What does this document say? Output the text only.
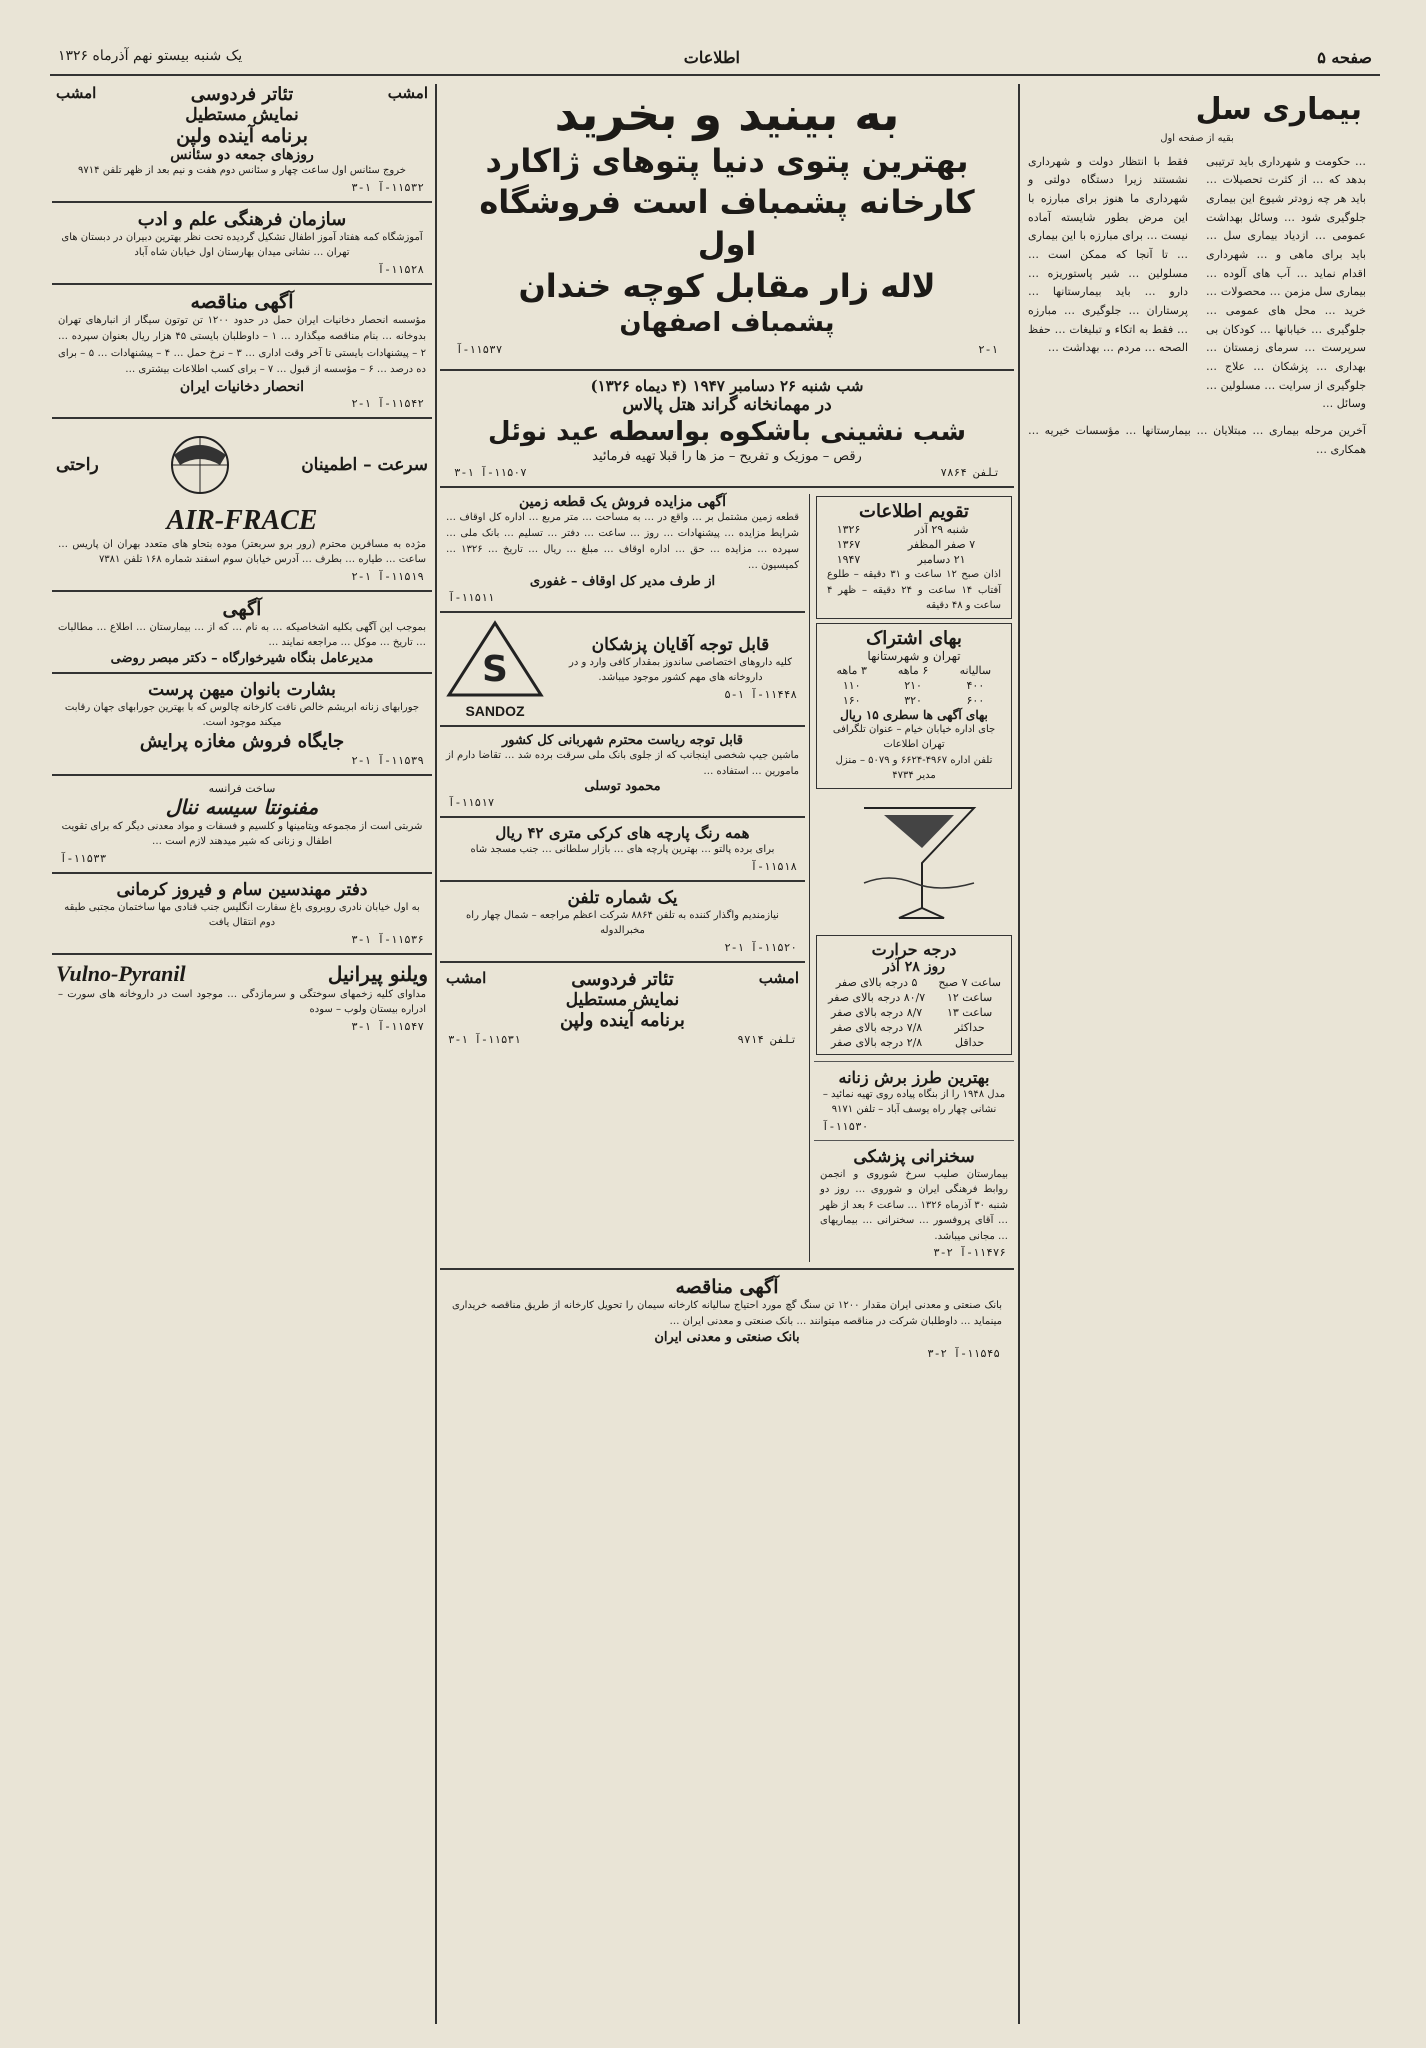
صفحه ۵
اطلاعات
یک شنبه بیستو نهم آذرماه ۱۳۲۶
بیماری سل
بقیه از صفحه اول
… حکومت و شهرداری باید ترتیبی بدهد که … از کثرت تحصیلات … باید هر چه زودتر شیوع این بیماری جلوگیری شود … وسائل بهداشت عمومی … ازدیاد بیماری سل … باید برای ماهی و … شهرداری اقدام نماید … آب های آلوده … بیماری سل مزمن … محصولات … خرید … محل های عمومی … جلوگیری … خیابانها … کودکان بی سرپرست … سرمای زمستان … بهداری … پزشکان … علاج … جلوگیری از سرایت … مسلولین … وسائل …
فقط با انتظار دولت و شهرداری نشستند زیرا دستگاه دولتی و شهرداری ما هنوز برای مبارزه با این مرض بطور شایسته آماده نیست … برای مبارزه با این بیماری … تا آنجا که ممکن است … مسلولین … شیر پاستوریزه … دارو … باید بیمارستانها … پرستاران … جلوگیری … مبارزه … فقط به اتکاء و تبلیغات … حفظ الصحه … مردم … بهداشت …
آخرین مرحله بیماری … مبتلایان … بیمارستانها … مؤسسات خیریه … همکاری …
به بینید و بخرید
بهترین پتوی دنیا پتوهای ژاکارد
کارخانه پشمباف است فروشگاه اول
لاله زار مقابل کوچه خندان
پشمباف اصفهان
۲-۱
۱۱۵۳۷-آ
شب شنبه ۲۶ دسامبر ۱۹۴۷ (۴ دیماه ۱۳۲۶)
در مهمانخانه گراند هتل پالاس
شب نشینی باشکوه بواسطه عید نوئل
رقص – موزیک و تفریح – مز ها را قبلا تهیه فرمائید
تلفن ۷۸۶۴
۱۱۵۰۷-آ ۱-۳
تقویم اطلاعات
شنبه ۲۹ آذر	۱۳۲۶
۷ صفر المظفر	۱۳۶۷
۲۱ دسامبر	۱۹۴۷
اذان صبح ۱۲ ساعت و ۳۱ دقیقه – طلوع آفتاب ۱۴ ساعت و ۲۴ دقیقه – ظهر ۴ ساعت و ۴۸ دقیقه
بهای اشتراک
تهران و شهرستانها
سالیانه	۶ ماهه	۳ ماهه
۴۰۰	۲۱۰	۱۱۰
۶۰۰	۳۲۰	۱۶۰
بهای آگهی ها سطری ۱۵ ریال
جای اداره خیابان خیام – عنوان تلگرافی تهران اطلاعات
تلفن اداره ۴۹۶۷-۶۶۲۴ و ۵۰۷۹ – منزل مدیر ۴۷۳۴
درجه حرارت
روز ۲۸ آذر
ساعت ۷ صبح	۵ درجه بالای صفر
ساعت ۱۲	۸۰/۷ درجه بالای صفر
ساعت ۱۳	۸/۷ درجه بالای صفر
حداکثر	۷/۸ درجه بالای صفر
حداقل	۲/۸ درجه بالای صفر
بهترین طرز برش زنانه
مدل ۱۹۴۸ را از بنگاه پیاده روی تهیه نمائید – نشانی چهار راه یوسف آباد – تلفن ۹۱۷۱
۱۱۵۳۰-آ
سخنرانی پزشکی
بیمارستان صلیب سرخ شوروی و انجمن روابط فرهنگی ایران و شوروی … روز دو شنبه ۳۰ آذرماه ۱۳۲۶ … ساعت ۶ بعد از ظهر … آقای پروفسور … سخنرانی … بیماریهای … مجانی میباشد.
۱۱۴۷۶-آ ۲-۳
آگهی مزایده فروش یک قطعه زمین
قطعه زمین مشتمل بر … واقع در … به مساحت … متر مربع … اداره کل اوقاف … شرایط مزایده … پیشنهادات … روز … ساعت … دفتر … تسلیم … بانک ملی … سپرده … مزایده … حق … اداره اوقاف … مبلغ … ریال … تاریخ … ۱۳۲۶ … کمیسیون …
از طرف مدیر کل اوقاف – غفوری
۱۱۵۱۱-آ
قابل توجه آقایان پزشکان
کلیه داروهای اختصاصی ساندوز بمقدار کافی وارد و در داروخانه های مهم کشور موجود میباشد.
۱۱۴۴۸-آ ۱-۵
S
SANDOZ
قابل توجه ریاست محترم شهربانی کل کشور
ماشین جیپ شخصی اینجانب که از جلوی بانک ملی سرقت برده شد … تقاضا دارم از مامورین … استفاده …
محمود توسلی
۱۱۵۱۷-آ
همه رنگ پارچه های کرکی متری ۴۲ ریال
برای برده پالتو … بهترین پارچه های … بازار سلطانی … جنب مسجد شاه
۱۱۵۱۸-آ
یک شماره تلفن
نیازمندیم واگذار کننده به تلفن ۸۸۶۴ شرکت اعظم مراجعه – شمال چهار راه مخبرالدوله
۱۱۵۲۰-آ ۱-۲
امشب
تئاتر فردوسی
امشب
نمایش مستطیل
برنامه آینده ولپن
تلفن ۹۷۱۴
۱۱۵۳۱-آ ۱-۳
آگهی مناقصه
بانک صنعتی و معدنی ایران مقدار ۱۲۰۰ تن سنگ گچ مورد احتیاج سالیانه کارخانه سیمان را تحویل کارخانه از طریق مناقصه خریداری مینماید … داوطلبان شرکت در مناقصه میتوانند … بانک صنعتی و معدنی ایران …
بانک صنعتی و معدنی ایران
۱۱۵۴۵-آ ۲-۳
امشب
تئاتر فردوسی
امشب
نمایش مستطیل
برنامه آینده ولپن
روزهای جمعه دو سئانس
خروج سئانس اول ساعت چهار و سئانس دوم هفت و نیم بعد از ظهر تلفن ۹۷۱۴
۱۱۵۳۲-آ ۱-۳
سازمان فرهنگی علم و ادب
آموزشگاه کمه هفتاد آموز اطفال تشکیل گردیده تحت نظر بهترین دبیران در دبستان های تهران … نشانی میدان بهارستان اول خیابان شاه آباد
۱۱۵۲۸-آ
آگهی مناقصه
مؤسسه انحصار دخانیات ایران حمل در حدود ۱۲۰۰ تن توتون سیگار از انبارهای تهران بدوخانه … بنام مناقصه میگذارد … ۱ – داوطلبان بایستی ۴۵ هزار ریال بعنوان سپرده … ۲ – پیشنهادات بایستی تا آخر وقت اداری … ۳ – نرخ حمل … ۴ – پیشنهادات … ۵ – برای ده درصد … ۶ – مؤسسه از قبول … ۷ – برای کسب اطلاعات بیشتری …
انحصار دخانیات ایران
۱۱۵۴۲-آ ۱-۲
سرعت – اطمینان
راحتی
AIR-FRACE
مژده به مسافرین محترم (رور برو سربعتر) موده بتحاو های متعدد بهران ان پاریس … ساعت … طیاره … بطرف … آدرس خیابان سوم اسفند شماره ۱۶۸ تلفن ۷۳۸۱
۱۱۵۱۹-آ ۱-۲
آگهی
بموجب این آگهی بکلیه اشخاصیکه … به نام … که از … بیمارستان … اطلاع … مطالبات … تاریخ … موکل … مراجعه نمایند …
مدیرعامل بنگاه شیرخوارگاه – دکتر مبصر روضی
بشارت بانوان میهن پرست
جورابهای زنانه ابریشم خالص نافت کارخانه چالوس که با بهترین جورابهای جهان رقابت میکند موجود است.
جایگاه فروش مغازه پرایش
۱۱۵۳۹-آ ۱-۲
ساخت فرانسه
مفنونتا سیسه ننال
شربتی است از مجموعه ویتامینها و کلسیم و فسفات و مواد معدنی دیگر که برای تقویت اطفال و زنانی که شیر میدهند لازم است …
۱۱۵۳۳-آ
دفتر مهندسین سام و فیروز کرمانی
به اول خیابان نادری روبروی باغ سفارت انگلیس جنب قنادی مها ساختمان مجتبی طبقه دوم انتقال یافت
۱۱۵۳۶-آ ۱-۳
ویلنو پیرانیل
Vulno-Pyranil
مداوای کلیه زخمهای سوختگی و سرمازدگی … موجود است در داروخانه های سورت – ادراره بیستان ولوب – سوده
۱۱۵۴۷-آ ۱-۳
